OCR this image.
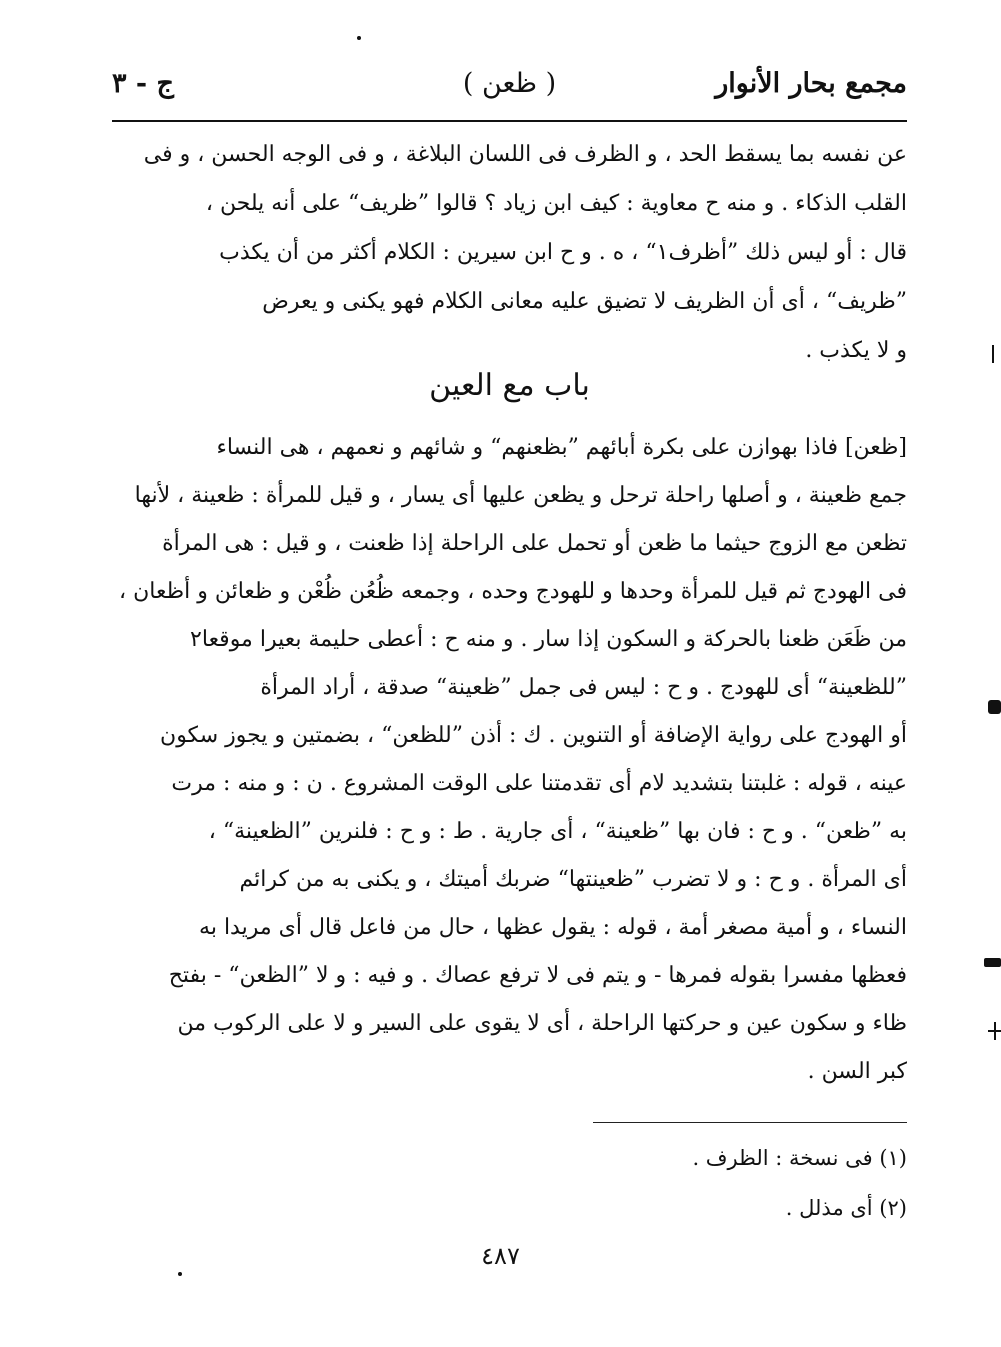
مجمع بحار الأنوار
( ظعن )
ج - ٣
عن نفسه بما يسقط الحد ، و الظرف فى اللسان البلاغة ، و فى الوجه الحسن ، و فى
القلب الذكاء . و منه ح معاوية : كيف ابن زياد ؟ قالوا ”ظريف“ على أنه يلحن ،
قال : أو ليس ذلك ”أظرف١“ ، ه . و ح ابن سيرين : الكلام أكثر من أن يكذب
”ظريف“ ، أى أن الظريف لا تضيق عليه معانى الكلام فهو يكنى و يعرض
و لا يكذب .
باب مع العين
[ظعن] فاذا بهوازن على بكرة أبائهم ”بظعنهم“ و شائهم و نعمهم ، هى النساء
جمع ظعينة ، و أصلها راحلة ترحل و يظعن عليها أى يسار ، و قيل للمرأة : ظعينة ، لأنها
تظعن مع الزوج حيثما ما ظعن أو تحمل على الراحلة إذا ظعنت ، و قيل : هى المرأة
فى الهودج ثم قيل للمرأة وحدها و للهودج وحده ، وجمعه ظُعُن ظُعْن و ظعائن و أظعان ،
من ظَعَن ظعنا بالحركة و السكون إذا سار . و منه ح : أعطى حليمة بعيرا موقعا٢
”للظعينة“ أى للهودج . و ح : ليس فى جمل ”ظعينة“ صدقة ، أراد المرأة
أو الهودج على رواية الإضافة أو التنوين . ك : أذن ”للظعن“ ، بضمتين و يجوز سكون
عينه ، قوله : غلبتنا بتشديد لام أى تقدمتنا على الوقت المشروع . ن : و منه : مرت
به ”ظعن“ . و ح : فان بها ”ظعينة“ ، أى جارية . ط : و ح : فلنرين ”الظعينة“ ،
أى المرأة . و ح : و لا تضرب ”ظعينتها“ ضربك أميتك ، و يكنى به من كرائم
النساء ، و أمية مصغر أمة ، قوله : يقول عظها ، حال من فاعل قال أى مريدا به
فعظها مفسرا بقوله فمرها - و يتم فى لا ترفع عصاك . و فيه : و لا ”الظعن“ - بفتح
ظاء و سكون عين و حركتها الراحلة ، أى لا يقوى على السير و لا على الركوب من
كبر السن .
(١) فى نسخة : الظرف .
(٢) أى مذلل .
٤٨٧
